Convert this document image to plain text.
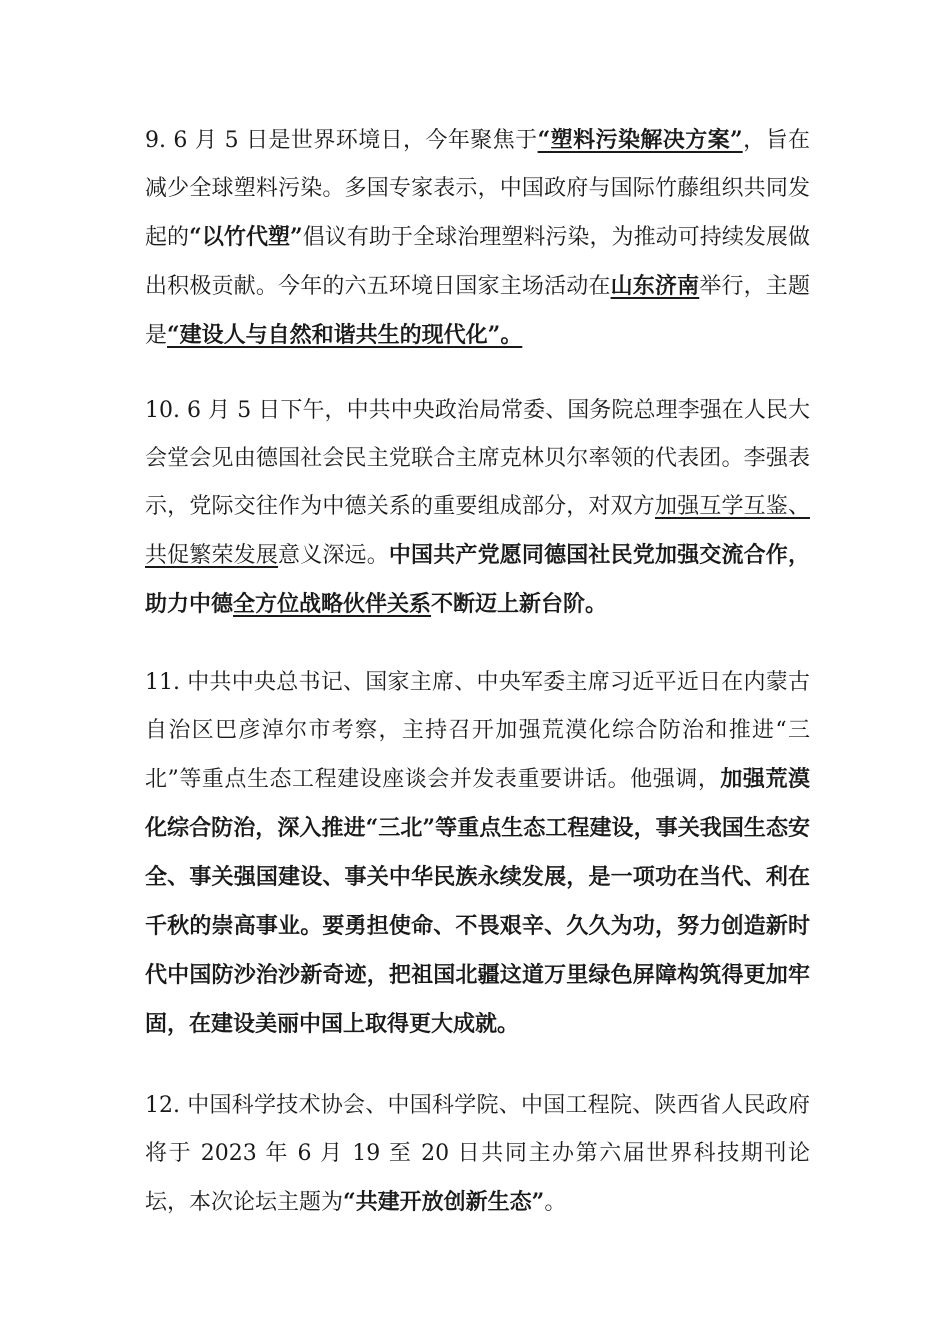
9. 6 月 5 日是世界环境日，今年聚焦于“塑料污染解决方案”，旨在减少全球塑料污染。多国专家表示，中国政府与国际竹藤组织共同发起的“以竹代塑”倡议有助于全球治理塑料污染，为推动可持续发展做出积极贡献。今年的六五环境日国家主场活动在山东济南举行，主题是“建设人与自然和谐共生的现代化”。

10. 6 月 5 日下午，中共中央政治局常委、国务院总理李强在人民大会堂会见由德国社会民主党联合主席克林贝尔率领的代表团。李强表示，党际交往作为中德关系的重要组成部分，对双方加强互学互鉴、共促繁荣发展意义深远。中国共产党愿同德国社民党加强交流合作，助力中德全方位战略伙伴关系不断迈上新台阶。

11. 中共中央总书记、国家主席、中央军委主席习近平近日在内蒙古自治区巴彦淖尔市考察，主持召开加强荒漠化综合防治和推进“三北”等重点生态工程建设座谈会并发表重要讲话。他强调，加强荒漠化综合防治，深入推进“三北”等重点生态工程建设，事关我国生态安全、事关强国建设、事关中华民族永续发展，是一项功在当代、利在千秋的崇高事业。要勇担使命、不畏艰辛、久久为功，努力创造新时代中国防沙治沙新奇迹，把祖国北疆这道万里绿色屏障构筑得更加牢固，在建设美丽中国上取得更大成就。

12. 中国科学技术协会、中国科学院、中国工程院、陕西省人民政府将于 2023 年 6 月 19 至 20 日共同主办第六届世界科技期刊论坛，本次论坛主题为“共建开放创新生态”。
